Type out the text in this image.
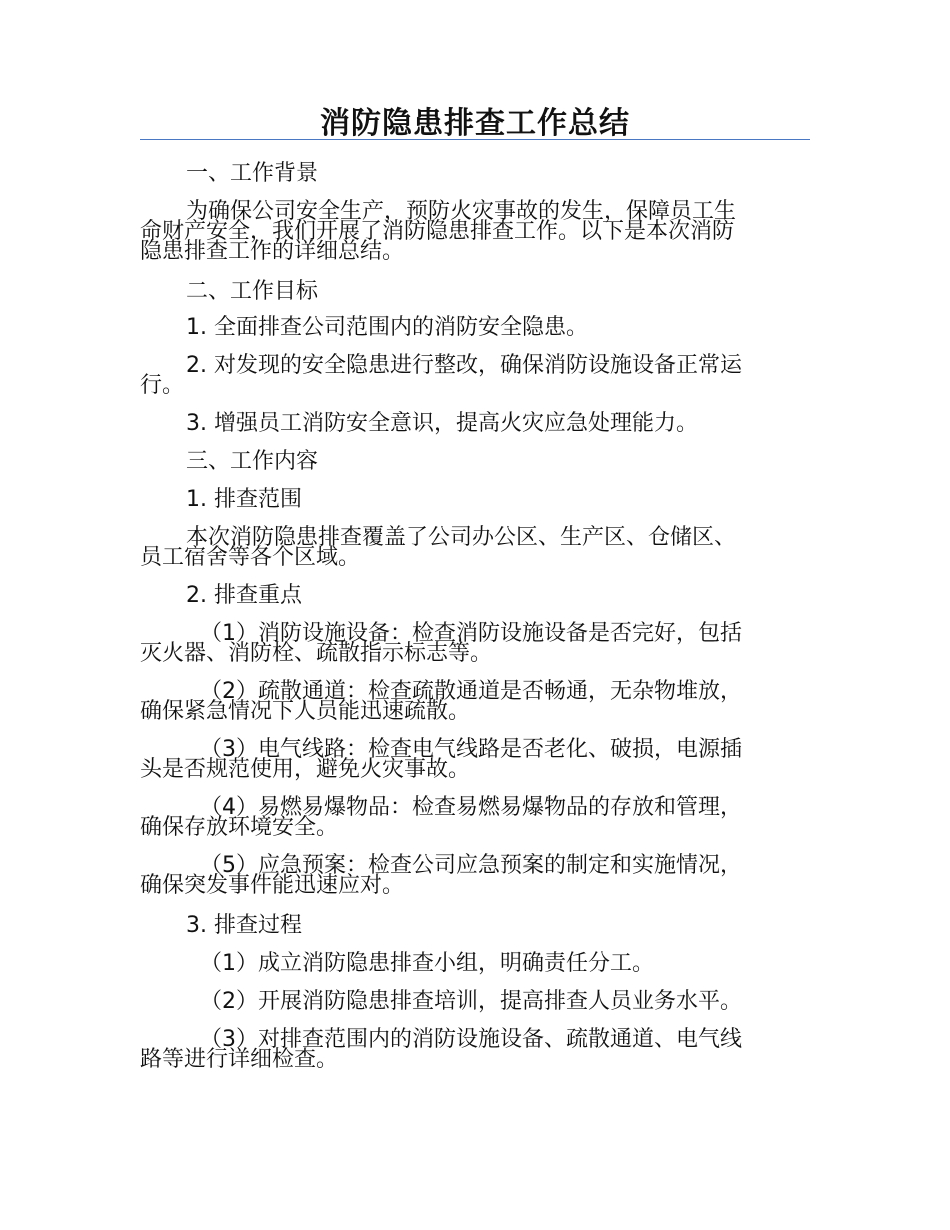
消防隐患排查工作总结
一、工作背景
为确保公司安全生产，预防火灾事故的发生，保障员工生
命财产安全，我们开展了消防隐患排查工作。以下是本次消防
隐患排查工作的详细总结。
二、工作目标
1. 全面排查公司范围内的消防安全隐患。
2. 对发现的安全隐患进行整改，确保消防设施设备正常运
行。
3. 增强员工消防安全意识，提高火灾应急处理能力。
三、工作内容
1. 排查范围
本次消防隐患排查覆盖了公司办公区、生产区、仓储区、
员工宿舍等各个区域。
2. 排查重点
（1）消防设施设备：检查消防设施设备是否完好，包括
灭火器、消防栓、疏散指示标志等。
（2）疏散通道：检查疏散通道是否畅通，无杂物堆放，
确保紧急情况下人员能迅速疏散。
（3）电气线路：检查电气线路是否老化、破损，电源插
头是否规范使用，避免火灾事故。
（4）易燃易爆物品：检查易燃易爆物品的存放和管理，
确保存放环境安全。
（5）应急预案：检查公司应急预案的制定和实施情况，
确保突发事件能迅速应对。
3. 排查过程
（1）成立消防隐患排查小组，明确责任分工。
（2）开展消防隐患排查培训，提高排查人员业务水平。
（3）对排查范围内的消防设施设备、疏散通道、电气线
路等进行详细检查。
